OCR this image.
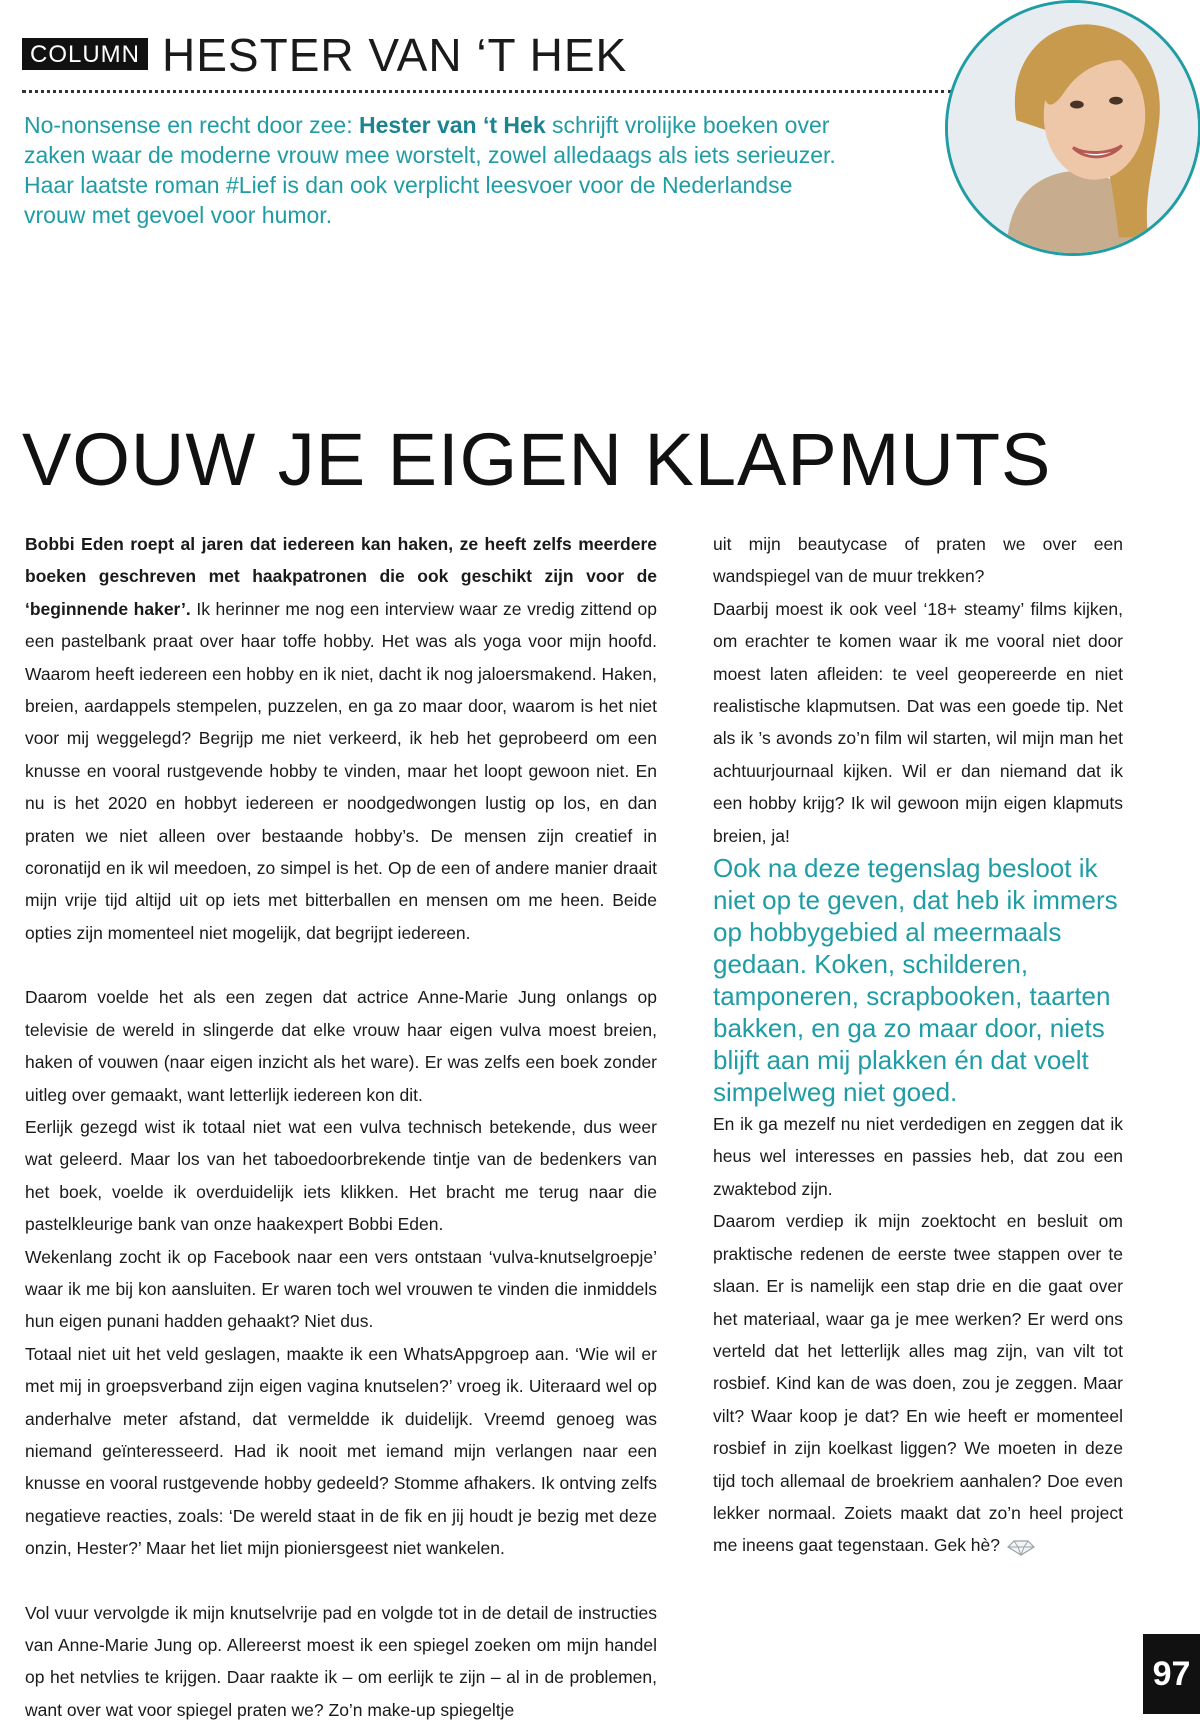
COLUMN HESTER VAN ‘T HEK
No-nonsense en recht door zee: Hester van ‘t Hek schrijft vrolijke boeken over zaken waar de moderne vrouw mee worstelt, zowel alledaags als iets serieuzer. Haar laatste roman #Lief is dan ook verplicht leesvoer voor de Nederlandse vrouw met gevoel voor humor.
VOUW JE EIGEN KLAPMUTS

Bobbi Eden roept al jaren dat iedereen kan haken, ze heeft zelfs meerdere boeken geschreven met haakpatronen die ook geschikt zijn voor de ‘beginnende haker’. Ik herinner me nog een interview waar ze vredig zittend op een pastelbank praat over haar toffe hobby. Het was als yoga voor mijn hoofd. Waarom heeft iedereen een hobby en ik niet, dacht ik nog jaloersmakend. Haken, breien, aardappels stempelen, puzzelen, en ga zo maar door, waarom is het niet voor mij weggelegd? Begrijp me niet verkeerd, ik heb het geprobeerd om een knusse en vooral rustgevende hobby te vinden, maar het loopt gewoon niet. En nu is het 2020 en hobbyt iedereen er noodgedwongen lustig op los, en dan praten we niet alleen over bestaande hobby’s. De mensen zijn creatief in coronatijd en ik wil meedoen, zo simpel is het. Op de een of andere manier draait mijn vrije tijd altijd uit op iets met bitterballen en mensen om me heen. Beide opties zijn momenteel niet mogelijk, dat begrijpt iedereen.

Daarom voelde het als een zegen dat actrice Anne-Marie Jung onlangs op televisie de wereld in slingerde dat elke vrouw haar eigen vulva moest breien, haken of vouwen (naar eigen inzicht als het ware). Er was zelfs een boek zonder uitleg over gemaakt, want letterlijk iedereen kon dit.

Eerlijk gezegd wist ik totaal niet wat een vulva technisch betekende, dus weer wat geleerd. Maar los van het taboedoorbrekende tintje van de bedenkers van het boek, voelde ik overduidelijk iets klikken. Het bracht me terug naar die pastelkleurige bank van onze haakexpert Bobbi Eden.

Wekenlang zocht ik op Facebook naar een vers ontstaan ‘vulva-knutselgroepje’ waar ik me bij kon aansluiten. Er waren toch wel vrouwen te vinden die inmiddels hun eigen punani hadden gehaakt? Niet dus.

Totaal niet uit het veld geslagen, maakte ik een WhatsAppgroep aan. ‘Wie wil er met mij in groepsverband zijn eigen vagina knutselen?’ vroeg ik. Uiteraard wel op anderhalve meter afstand, dat vermeldde ik duidelijk. Vreemd genoeg was niemand geïnteresseerd. Had ik nooit met iemand mijn verlangen naar een knusse en vooral rustgevende hobby gedeeld? Stomme afhakers. Ik ontving zelfs negatieve reacties, zoals: ‘De wereld staat in de fik en jij houdt je bezig met deze onzin, Hester?’ Maar het liet mijn pioniersgeest niet wankelen.

Vol vuur vervolgde ik mijn knutselvrije pad en volgde tot in de detail de instructies van Anne-Marie Jung op. Allereerst moest ik een spiegel zoeken om mijn handel op het netvlies te krijgen. Daar raakte ik – om eerlijk te zijn – al in de problemen, want over wat voor spiegel praten we? Zo’n make-up spiegeltje

uit mijn beautycase of praten we over een wandspiegel van de muur trekken?

Daarbij moest ik ook veel ‘18+ steamy’ films kijken, om erachter te komen waar ik me vooral niet door moest laten afleiden: te veel geopereerde en niet realistische klapmutsen. Dat was een goede tip. Net als ik ’s avonds zo’n film wil starten, wil mijn man het achtuurjournaal kijken. Wil er dan niemand dat ik een hobby krijg? Ik wil gewoon mijn eigen klapmuts breien, ja!

Ook na deze tegenslag besloot ik niet op te geven, dat heb ik immers op hobbygebied al meermaals gedaan. Koken, schilderen, tamponeren, scrapbooken, taarten bakken, en ga zo maar door, niets blijft aan mij plakken én dat voelt simpelweg niet goed.

En ik ga mezelf nu niet verdedigen en zeggen dat ik heus wel interesses en passies heb, dat zou een zwaktebod zijn.

Daarom verdiep ik mijn zoektocht en besluit om praktische redenen de eerste twee stappen over te slaan. Er is namelijk een stap drie en die gaat over het materiaal, waar ga je mee werken? Er werd ons verteld dat het letterlijk alles mag zijn, van vilt tot rosbief. Kind kan de was doen, zou je zeggen. Maar vilt? Waar koop je dat? En wie heeft er momenteel rosbief in zijn koelkast liggen? We moeten in deze tijd toch allemaal de broekriem aanhalen? Doe even lekker normaal. Zoiets maakt dat zo’n heel project me ineens gaat tegenstaan. Gek hè?

97
